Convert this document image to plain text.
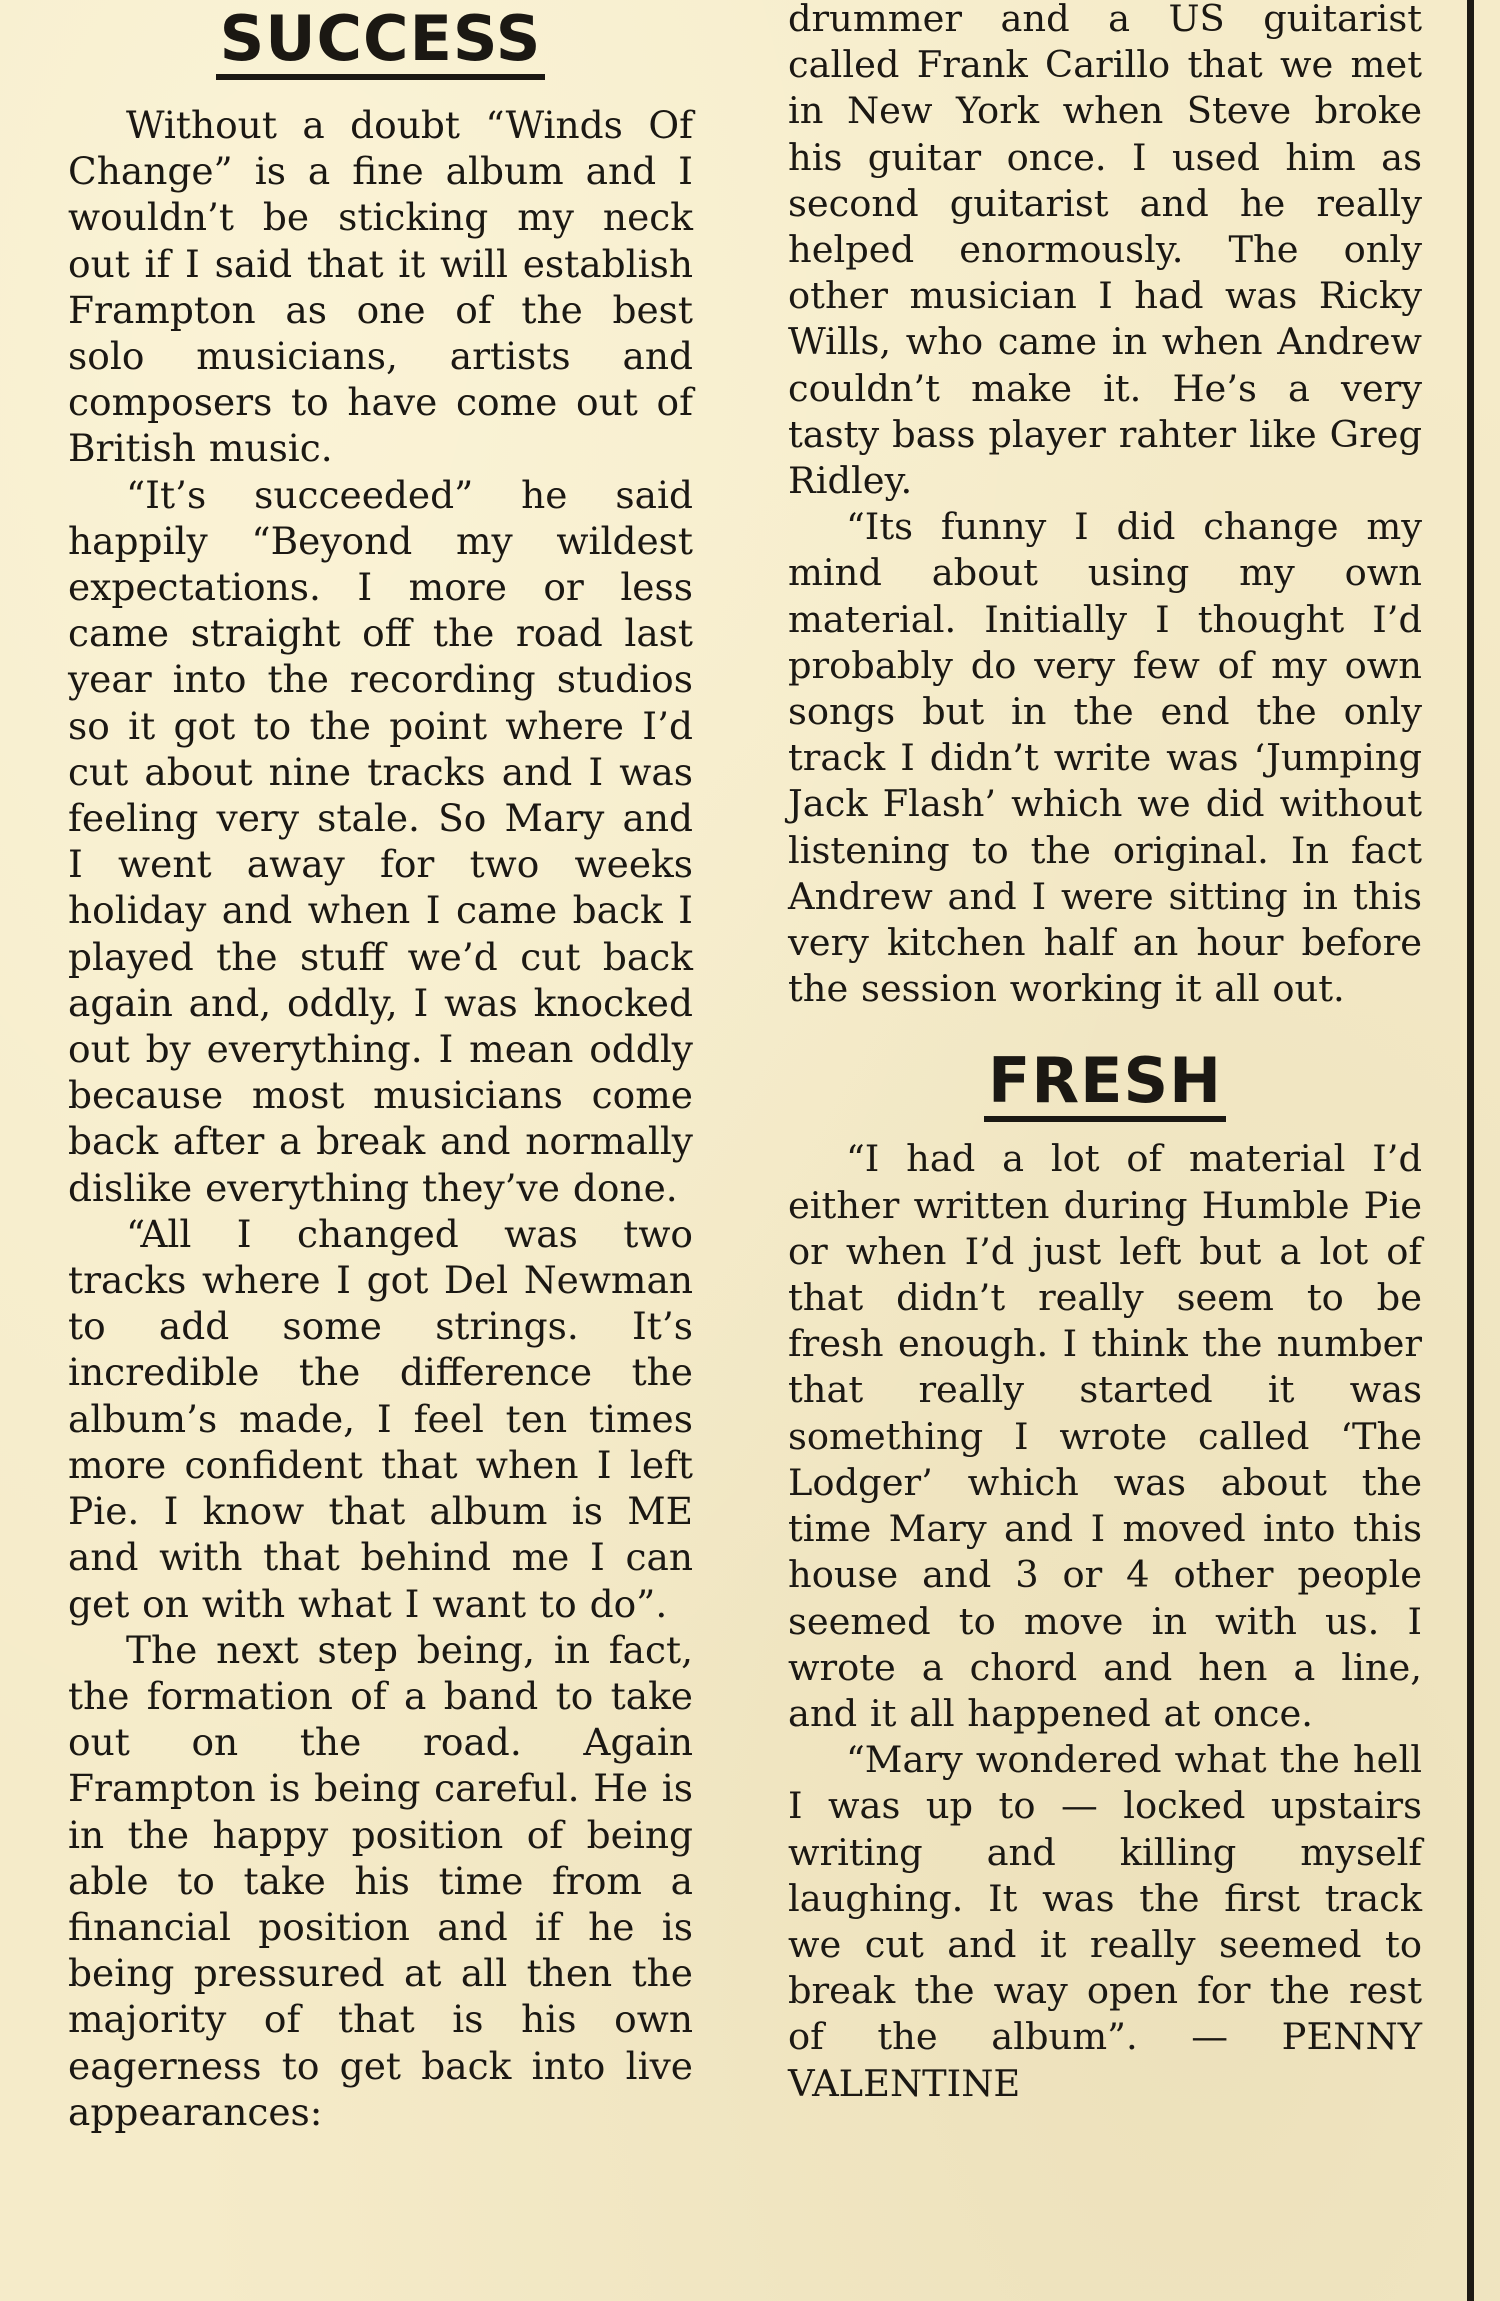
SUCCESS

Without a doubt “Winds Of Change” is a fine album and I wouldn’t be sticking my neck out if I said that it will establish Frampton as one of the best solo musicians, artists and composers to have come out of British music.

“It’s succeeded” he said happily “Beyond my wildest expectations. I more or less came straight off the road last year into the recording studios so it got to the point where I’d cut about nine tracks and I was feeling very stale. So Mary and I went away for two weeks holiday and when I came back I played the stuff we’d cut back again and, oddly, I was knocked out by everything. I mean oddly because most musicians come back after a break and normally dislike everything they’ve done.

“All I changed was two tracks where I got Del Newman to add some strings. It’s incredible the difference the album’s made, I feel ten times more confident that when I left Pie. I know that album is ME and with that behind me I can get on with what I want to do”.

The next step being, in fact, the formation of a band to take out on the road. Again Frampton is being careful. He is in the happy position of being able to take his time from a financial position and if he is being pressured at all then the majority of that is his own eagerness to get back into live appearances:

drummer and a US guitarist called Frank Carillo that we met in New York when Steve broke his guitar once. I used him as second guitarist and he really helped enormously. The only other musician I had was Ricky Wills, who came in when Andrew couldn’t make it. He’s a very tasty bass player rahter like Greg Ridley.

“Its funny I did change my mind about using my own material. Initially I thought I’d probably do very few of my own songs but in the end the only track I didn’t write was ‘Jumping Jack Flash’ which we did without listening to the original. In fact Andrew and I were sitting in this very kitchen half an hour before the session working it all out.

FRESH

“I had a lot of material I’d either written during Humble Pie or when I’d just left but a lot of that didn’t really seem to be fresh enough. I think the number that really started it was something I wrote called ‘The Lodger’ which was about the time Mary and I moved into this house and 3 or 4 other people seemed to move in with us. I wrote a chord and hen a line, and it all happened at once.

“Mary wondered what the hell I was up to — locked upstairs writing and killing myself laughing. It was the first track we cut and it really seemed to break the way open for the rest of the album”. — PENNY VALENTINE
